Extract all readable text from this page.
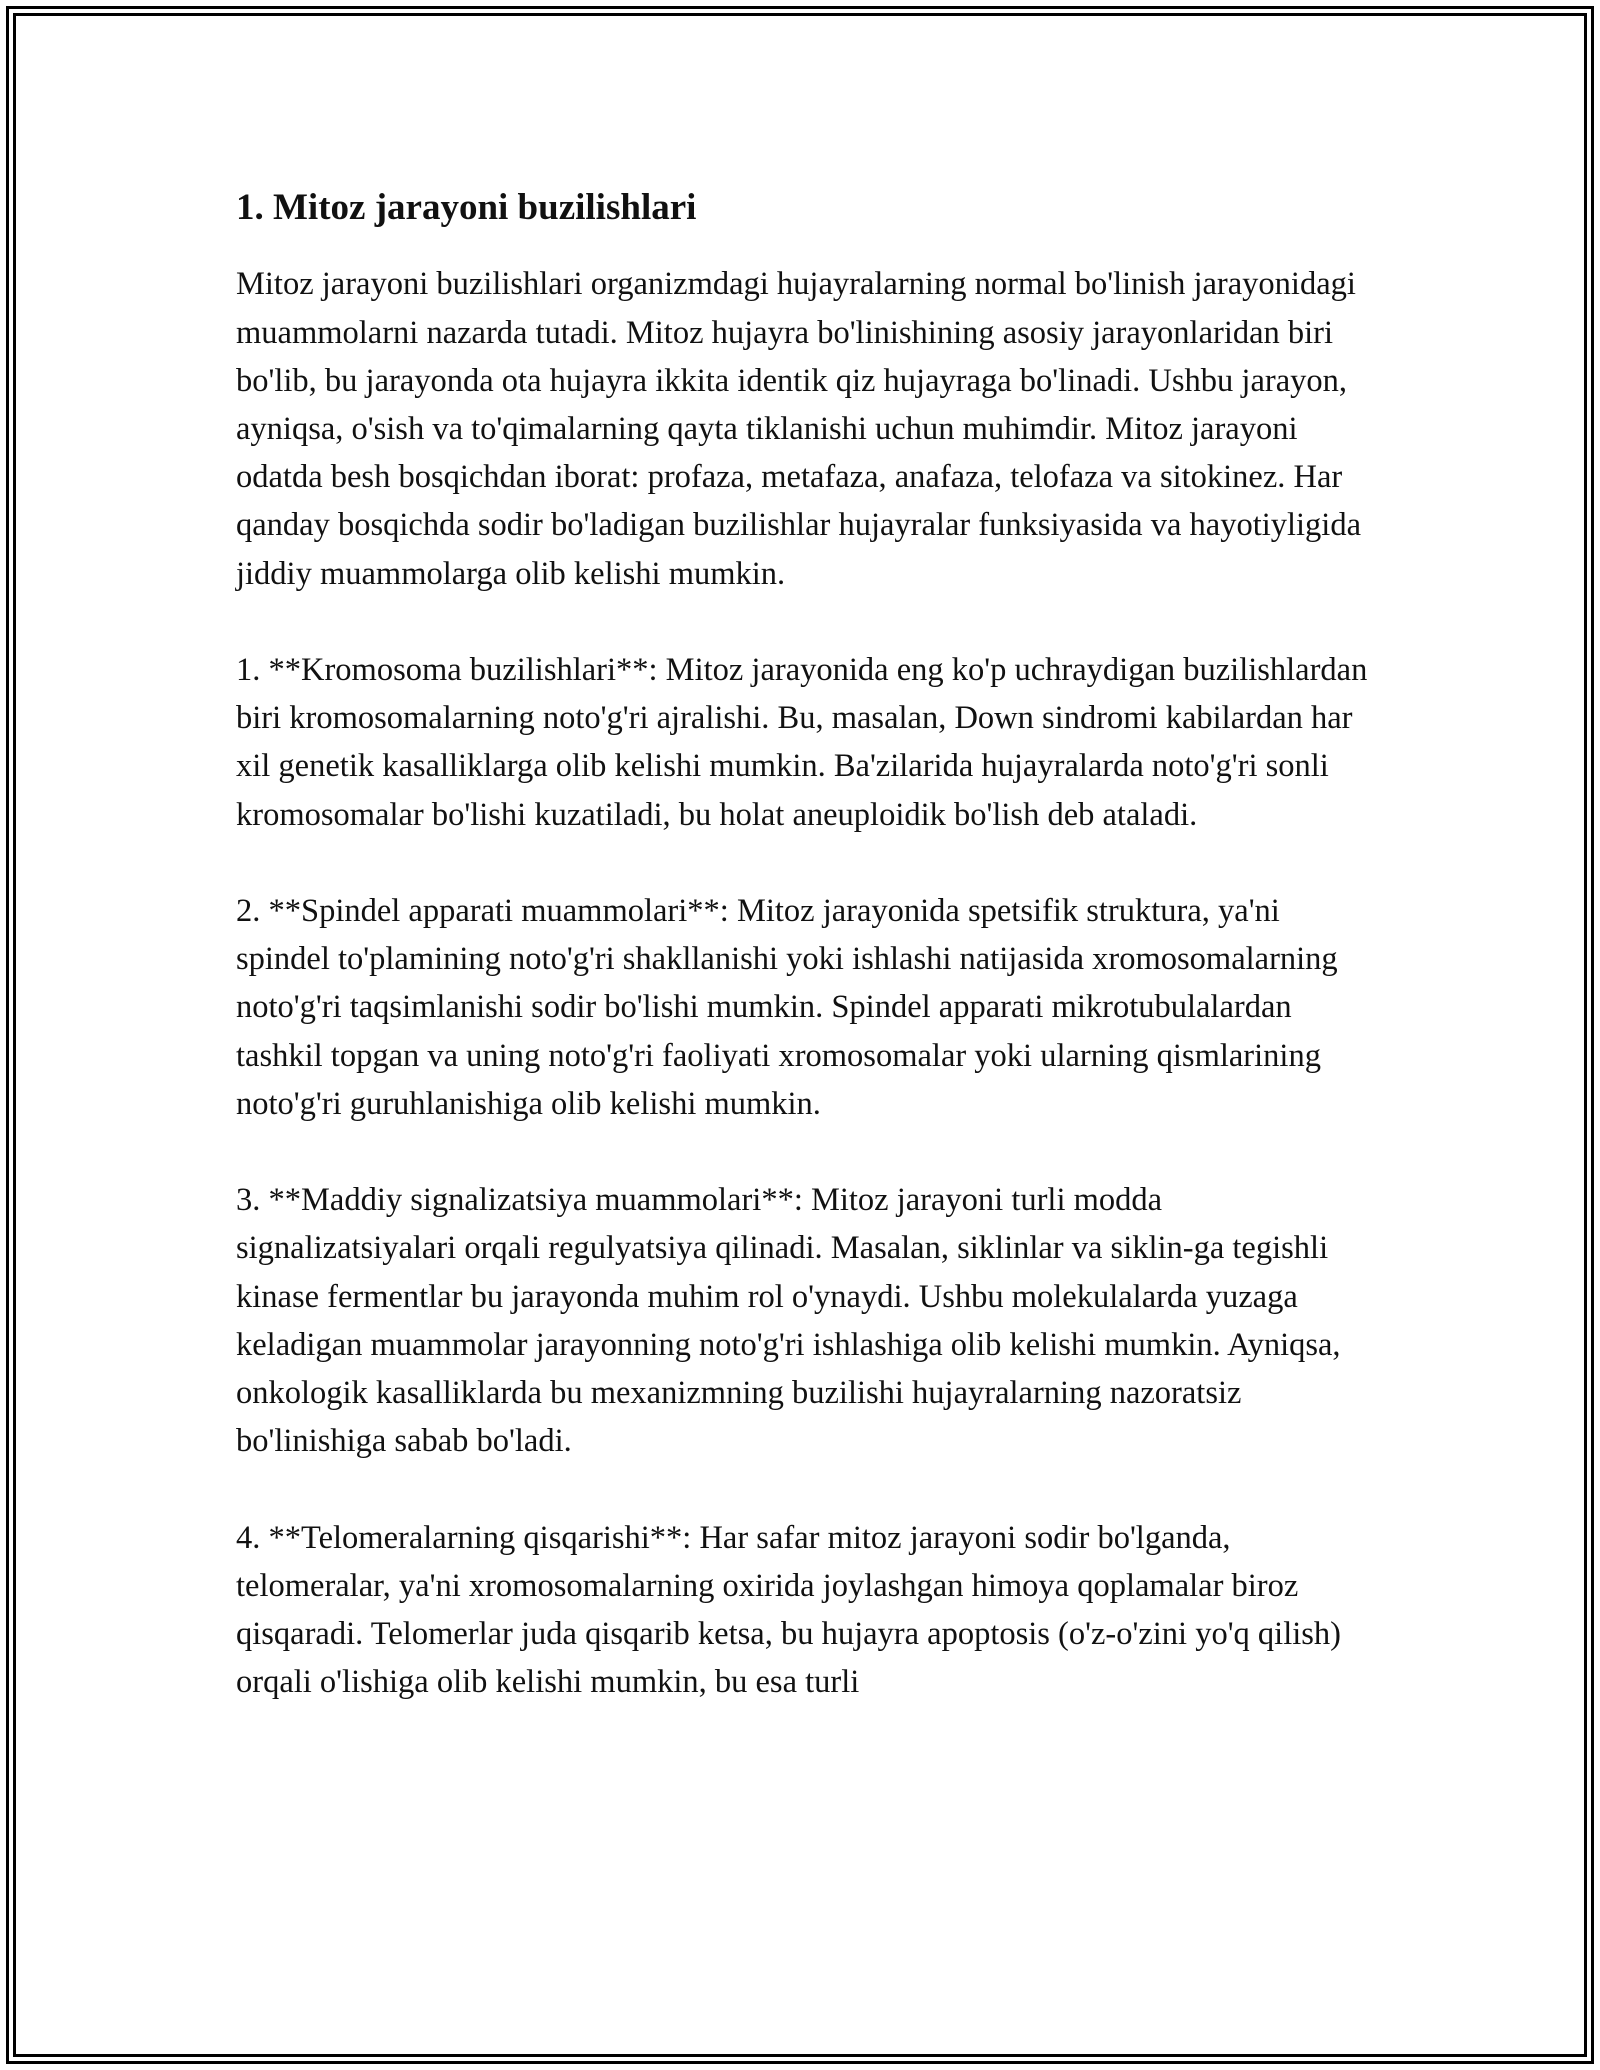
1. Mitoz jarayoni buzilishlari

Mitoz jarayoni buzilishlari organizmdagi hujayralarning normal bo'linish jarayonidagi muammolarni nazarda tutadi. Mitoz hujayra bo'linishining asosiy jarayonlaridan biri bo'lib, bu jarayonda ota hujayra ikkita identik qiz hujayraga bo'linadi. Ushbu jarayon, ayniqsa, o'sish va to'qimalarning qayta tiklanishi uchun muhimdir. Mitoz jarayoni odatda besh bosqichdan iborat: profaza, metafaza, anafaza, telofaza va sitokinez. Har qanday bosqichda sodir bo'ladigan buzilishlar hujayralar funksiyasida va hayotiyligida jiddiy muammolarga olib kelishi mumkin.

1. **Kromosoma buzilishlari**: Mitoz jarayonida eng ko'p uchraydigan buzilishlardan biri kromosomalarning noto'g'ri ajralishi. Bu, masalan, Down sindromi kabilardan har xil genetik kasalliklarga olib kelishi mumkin. Ba'zilarida hujayralarda noto'g'ri sonli kromosomalar bo'lishi kuzatiladi, bu holat aneuploidik bo'lish deb ataladi.

2. **Spindel apparati muammolari**: Mitoz jarayonida spetsifik struktura, ya'ni spindel to'plamining noto'g'ri shakllanishi yoki ishlashi natijasida xromosomalarning noto'g'ri taqsimlanishi sodir bo'lishi mumkin. Spindel apparati mikrotubulalardan tashkil topgan va uning noto'g'ri faoliyati xromosomalar yoki ularning qismlarining noto'g'ri guruhlanishiga olib kelishi mumkin.

3. **Maddiy signalizatsiya muammolari**: Mitoz jarayoni turli modda signalizatsiyalari orqali regulyatsiya qilinadi. Masalan, siklinlar va siklin-ga tegishli kinase fermentlar bu jarayonda muhim rol o'ynaydi. Ushbu molekulalarda yuzaga keladigan muammolar jarayonning noto'g'ri ishlashiga olib kelishi mumkin. Ayniqsa, onkologik kasalliklarda bu mexanizmning buzilishi hujayralarning nazoratsiz bo'linishiga sabab bo'ladi.

4. **Telomeralarning qisqarishi**: Har safar mitoz jarayoni sodir bo'lganda, telomeralar, ya'ni xromosomalarning oxirida joylashgan himoya qoplamalar biroz qisqaradi. Telomerlar juda qisqarib ketsa, bu hujayra apoptosis (o'z-o'zini yo'q qilish) orqali o'lishiga olib kelishi mumkin, bu esa turli
